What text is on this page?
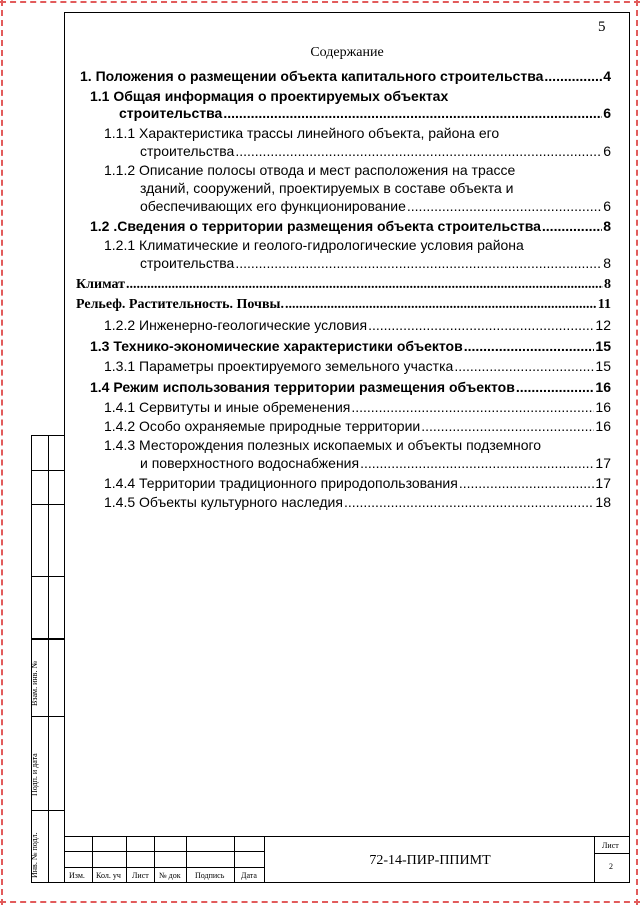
5
Содержание
1. Положения о размещении объекта капитального строительства .....	4
1.1 Общая информация о проектируемых объектах
строительства .....	6
1.1.1 Характеристика трассы линейного объекта, района его
строительства .....	6
1.1.2 Описание полосы отвода и мест расположения на трассе
зданий, сооружений, проектируемых в составе объекта и
обеспечивающих его функционирование .....	6
1.2 .Сведения о территории размещения объекта строительства .....	8
1.2.1 Климатические и геолого-гидрологические условия района
строительства .....	8
Климат .....	8
Рельеф. Растительность. Почвы. .....	11
1.2.2 Инженерно-геологические условия .....	12
1.3 Технико-экономические характеристики объектов .....	15
1.3.1 Параметры проектируемого земельного участка .....	15
1.4 Режим использования территории размещения объектов .....	16
1.4.1 Сервитуты и иные обременения .....	16
1.4.2 Особо охраняемые природные территории .....	16
1.4.3 Месторождения полезных ископаемых и объекты подземного
и поверхностного водоснабжения .....	17
1.4.4 Территории традиционного природопользования .....	17
1.4.5 Объекты культурного наследия .....	18
Взам. инв. №
Подп. и дата
Инв. № подл.	Изм. Кол. уч Лист № док Подпись Дата
Лист
2
72-14-ПИР-ППИМТ
